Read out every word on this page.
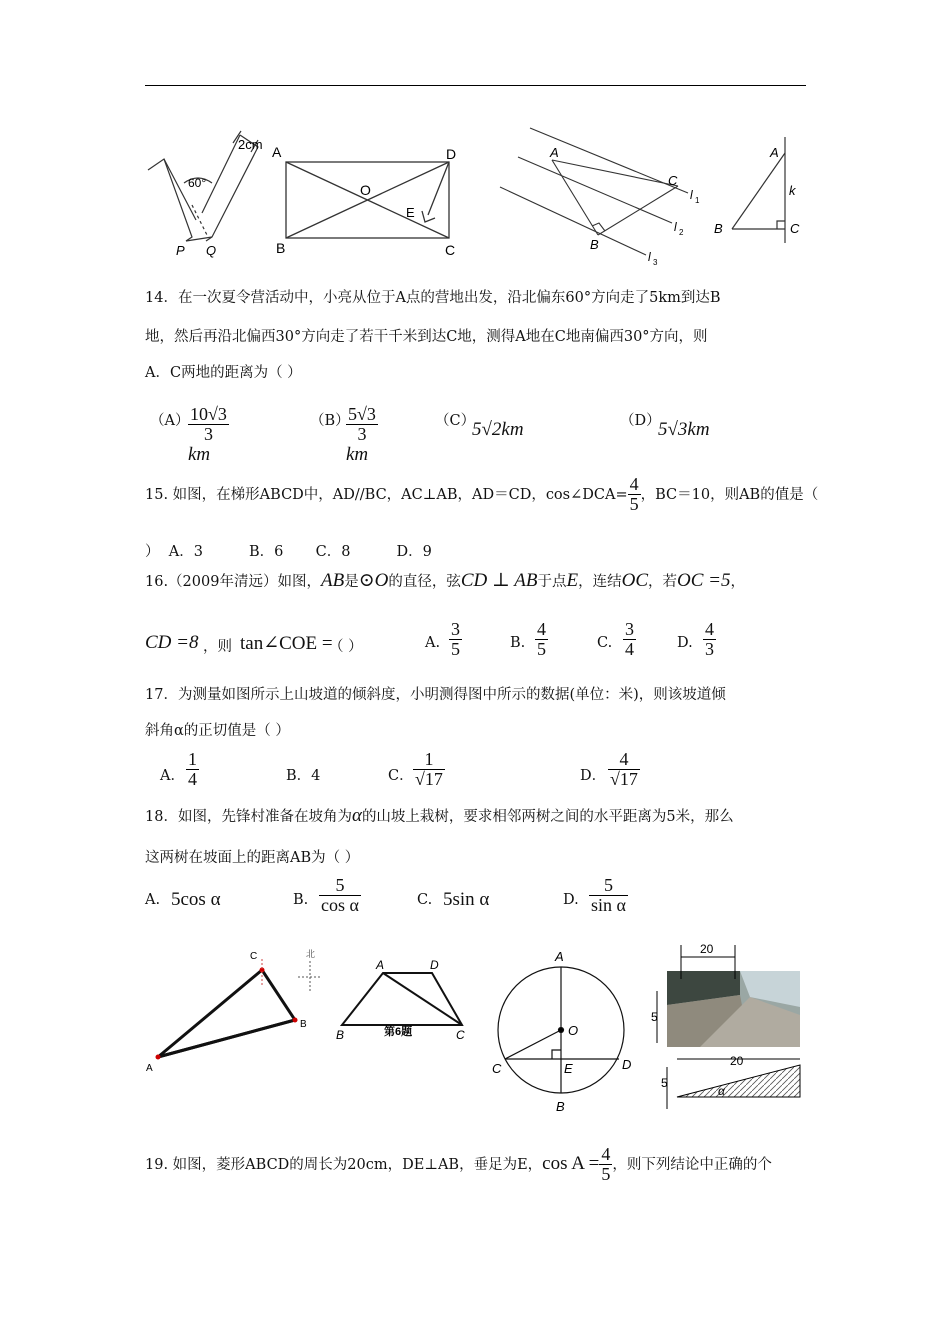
60°
2cm
P Q
A	D
B	C
O
E
A
C
B
l 1
l 2
l 3
A
B	C
k
14．在一次夏令营活动中，小亮从位于A点的营地出发，沿北偏东60°方向走了5km到达B
地，然后再沿北偏西30°方向走了若干千米到达C地，测得A地在C地南偏西30°方向，则
A．C两地的距离为（ ）
（A）
$\frac{10√3}{3}$
km
（B）
$\frac{5√3}{3}$
km
（C）
5√2km	（D）
5√3km
15. 如图，在梯形ABCD中，AD//BC，AC⊥AB，AD＝CD，cos∠DCA= $\frac{4}{5}$ ，BC＝10，则AB的值是（
）  A．3          B．6       C．8          D．9
16.（2009年清远）如图，AB是⊙O的直径，弦CD ⊥ AB于点E，连结OC，若OC =5，
CD =8 ，则 tan∠COE =
（ ）	A. $\frac{3}{5}$	B. $\frac{4}{5}$	C. $\frac{3}{4}$	D. $\frac{4}{3}$
17．为测量如图所示上山坡道的倾斜度，小明测得图中所示的数据(单位：米)，则该坡道倾
斜角α的正切值是（ ）
A． $\frac{1}{4}$	B．4	C． $\frac{1}{√17}$	D． $\frac{4}{√17}$
18．如图，先锋村准备在坡角为α的山坡上栽树，要求相邻两树之间的水平距离为5米，那么
这两树在坡面上的距离AB为（ ）
A. 5cos α	B. $\frac{5}{\text{cos α}}$	C. 5sin α	D. $\frac{5}{\text{sin α}}$
北
C
B
A
A	D
B	C
第6题
A
O
C	D
E
B
20
5
20
5
α
19. 如图，菱形ABCD的周长为20cm，DE⊥AB，垂足为E，$\cos A = \frac{4}{5}$ ，则下列结论中正确的个
